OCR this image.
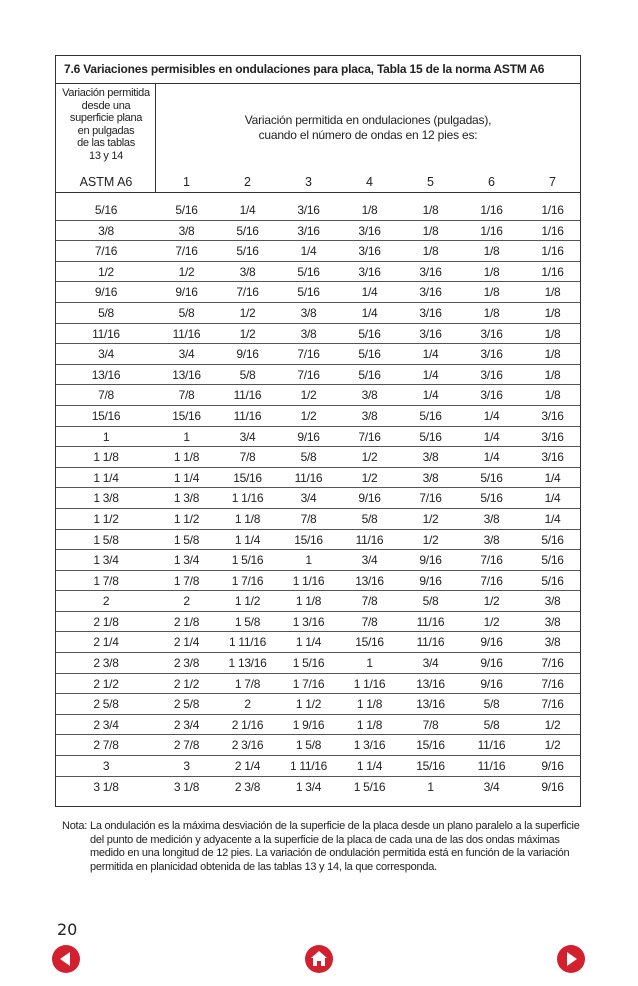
7.6 Variaciones permisibles en ondulaciones para placa, Tabla 15 de la norma ASTM A6
Variación permitida
desde una
superficie plana
en pulgadas
de las tablas
13 y 14
Variación permitida en ondulaciones (pulgadas),
cuando el número de ondas en 12 pies es:
ASTM A6	1	2	3	4	5	6	7
5/16	5/16	1/4	3/16	1/8	1/8	1/16	1/16
3/8	3/8	5/16	3/16	3/16	1/8	1/16	1/16
7/16	7/16	5/16	1/4	3/16	1/8	1/8	1/16
1/2	1/2	3/8	5/16	3/16	3/16	1/8	1/16
9/16	9/16	7/16	5/16	1/4	3/16	1/8	1/8
5/8	5/8	1/2	3/8	1/4	3/16	1/8	1/8
11/16	11/16	1/2	3/8	5/16	3/16	3/16	1/8
3/4	3/4	9/16	7/16	5/16	1/4	3/16	1/8
13/16	13/16	5/8	7/16	5/16	1/4	3/16	1/8
7/8	7/8	11/16	1/2	3/8	1/4	3/16	1/8
15/16	15/16	11/16	1/2	3/8	5/16	1/4	3/16
1	1	3/4	9/16	7/16	5/16	1/4	3/16
1 1/8	1 1/8	7/8	5/8	1/2	3/8	1/4	3/16
1 1/4	1 1/4	15/16	11/16	1/2	3/8	5/16	1/4
1 3/8	1 3/8	1 1/16	3/4	9/16	7/16	5/16	1/4
1 1/2	1 1/2	1 1/8	7/8	5/8	1/2	3/8	1/4
1 5/8	1 5/8	1 1/4	15/16	11/16	1/2	3/8	5/16
1 3/4	1 3/4	1 5/16	1	3/4	9/16	7/16	5/16
1 7/8	1 7/8	1 7/16	1 1/16	13/16	9/16	7/16	5/16
2	2	1 1/2	1 1/8	7/8	5/8	1/2	3/8
2 1/8	2 1/8	1 5/8	1 3/16	7/8	11/16	1/2	3/8
2 1/4	2 1/4	1 11/16	1 1/4	15/16	11/16	9/16	3/8
2 3/8	2 3/8	1 13/16	1 5/16	1	3/4	9/16	7/16
2 1/2	2 1/2	1 7/8	1 7/16	1 1/16	13/16	9/16	7/16
2 5/8	2 5/8	2	1 1/2	1 1/8	13/16	5/8	7/16
2 3/4	2 3/4	2 1/16	1 9/16	1 1/8	7/8	5/8	1/2
2 7/8	2 7/8	2 3/16	1 5/8	1 3/16	15/16	11/16	1/2
3	3	2 1/4	1 11/16	1 1/4	15/16	11/16	9/16
3 1/8	3 1/8	2 3/8	1 3/4	1 5/16	1	3/4	9/16
Nota: La ondulación es la máxima desviación de la superficie de la placa desde un plano paralelo a la superficie del punto de medición y adyacente a la superficie de la placa de cada una de las dos ondas máximas medido en una longitud de 12 pies. La variación de ondulación permitida está en función de la variación permitida en planicidad obtenida de las tablas 13 y 14, la que corresponda.
20
